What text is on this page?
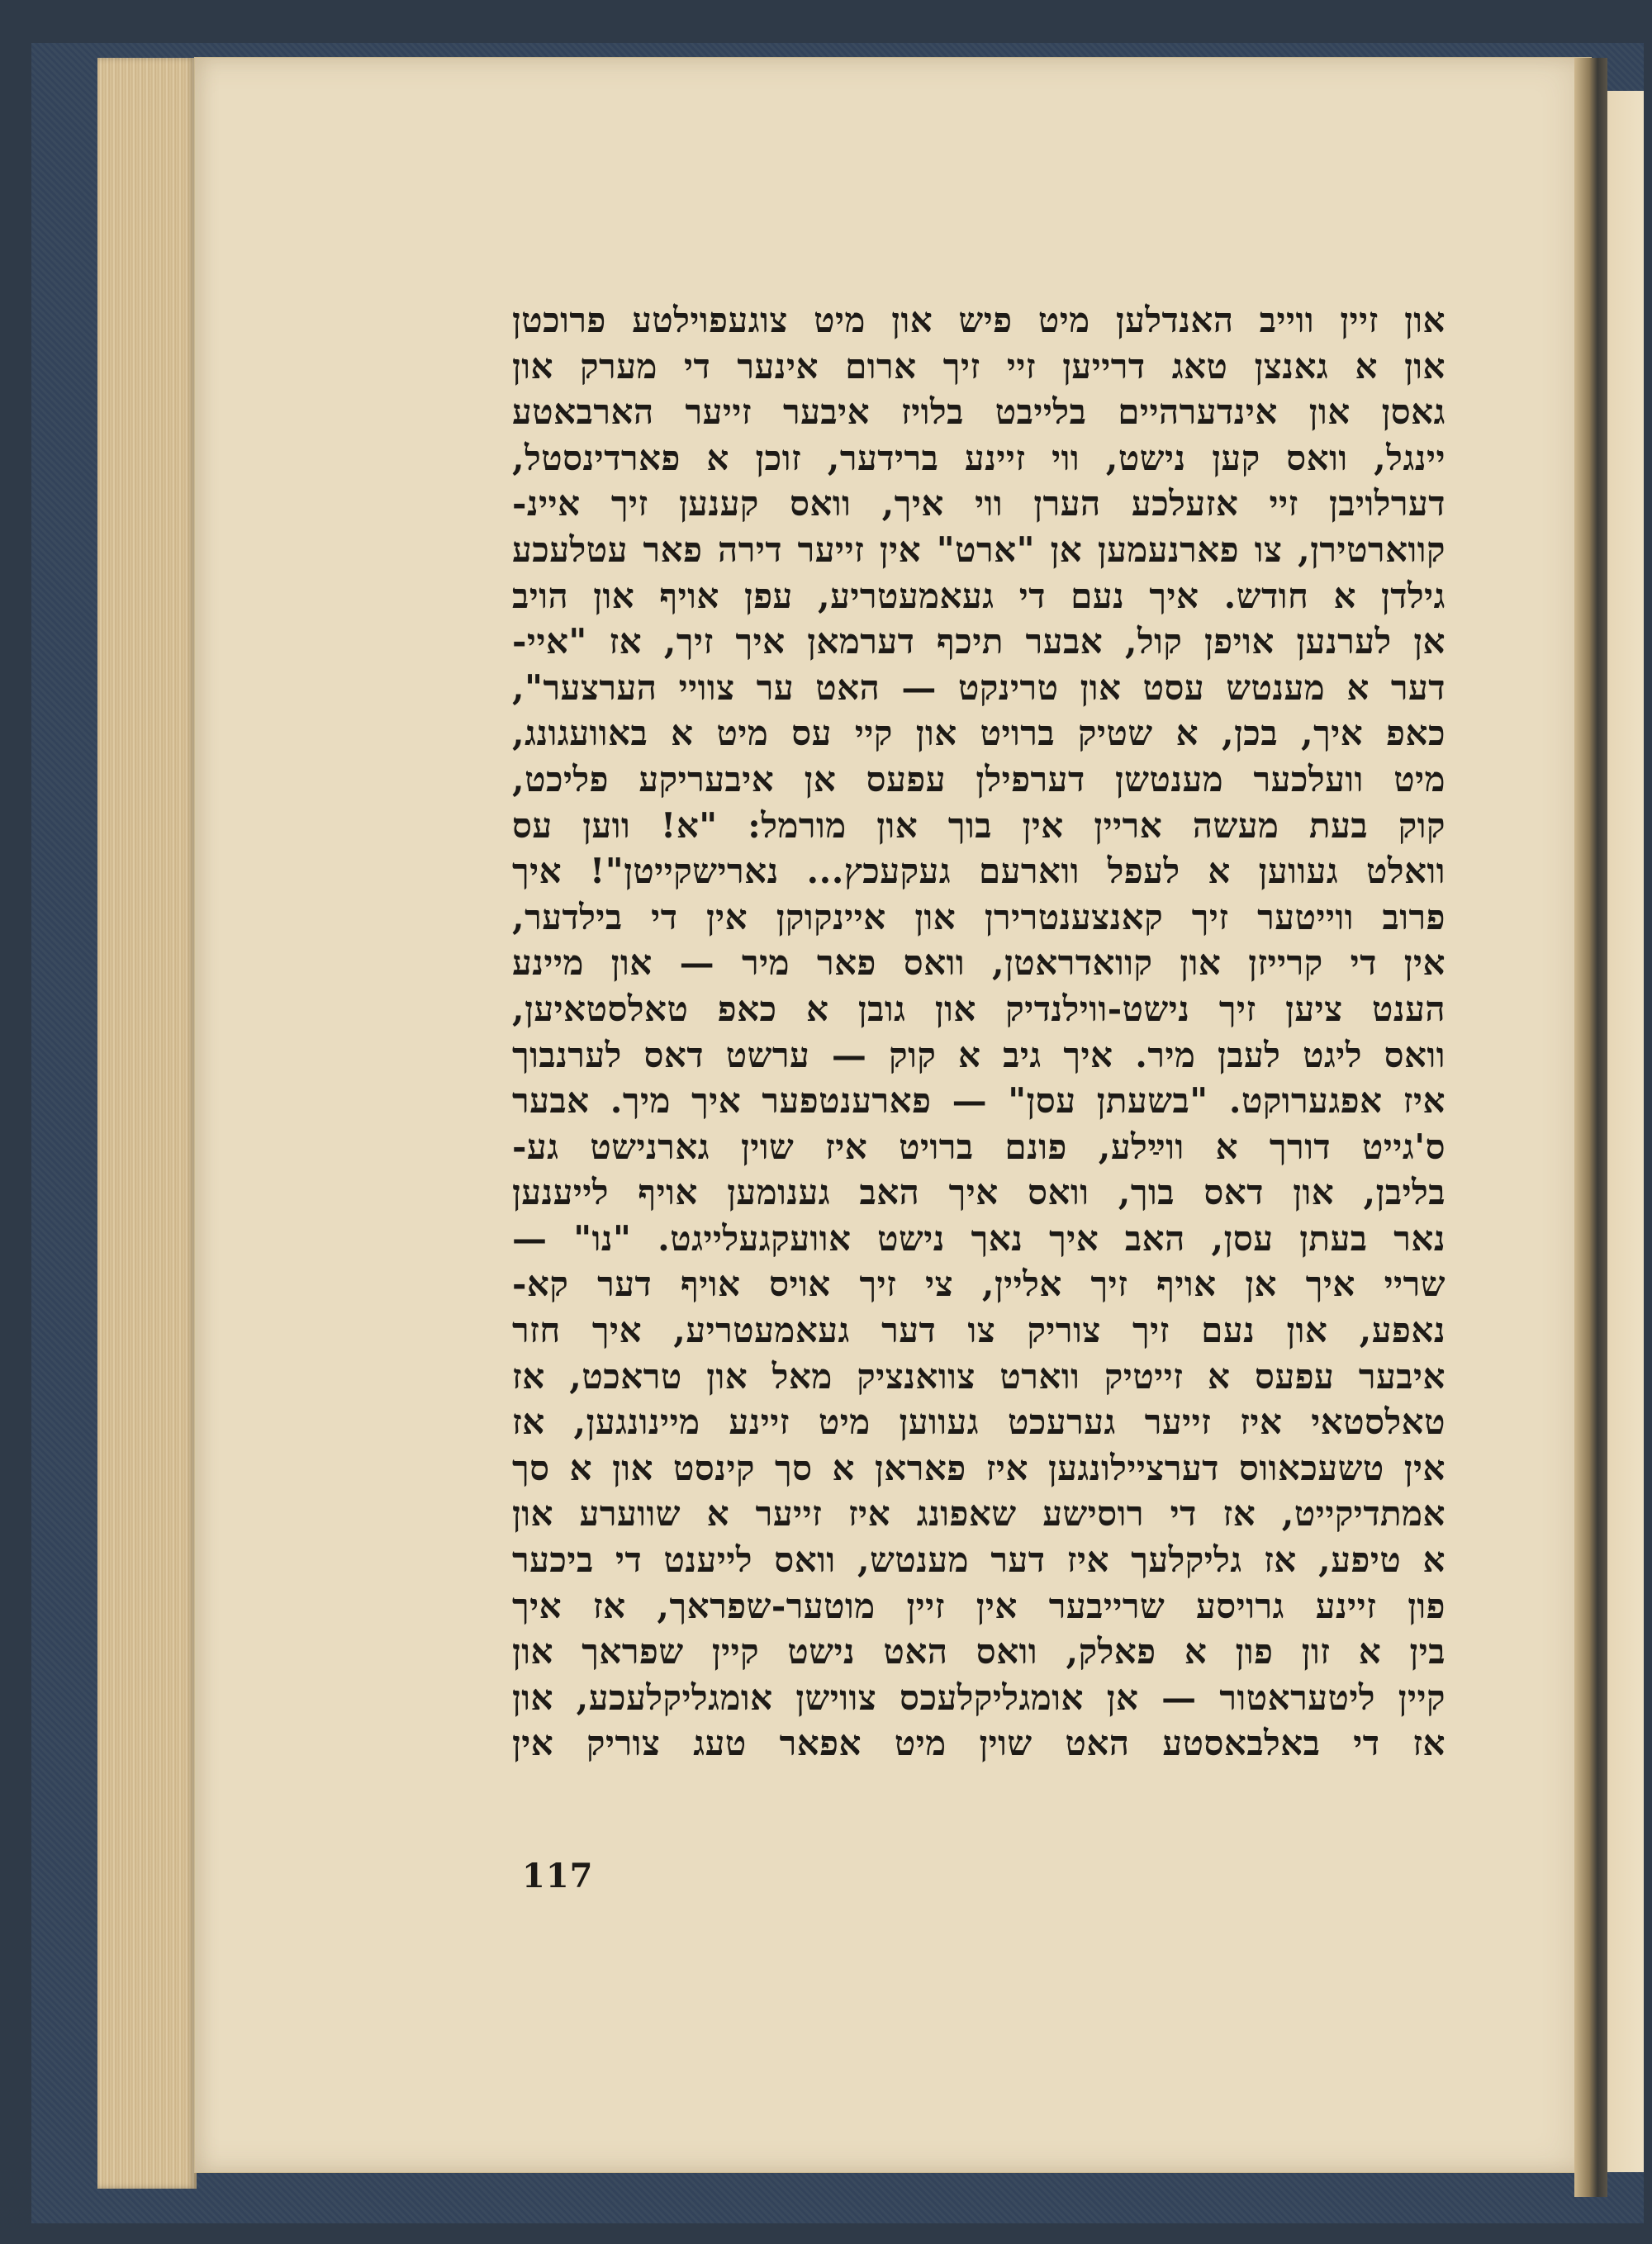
און זיין ווייב האנדלען מיט פיש און מיט צוגעפוילטע פרוכטן
און א גאנצן טאג דרייען זיי זיך ארום אינער די מערק און
גאסן און אינדערהיים בלייבט בלויז איבער זייער הארבאטע
יינגל, וואס קען נישט, ווי זיינע ברידער, זוכן א פארדינסטל,
דערלויבן זיי אזעלכע הערן ווי איך, וואס קענען זיך איינ-
קווארטירן, צו פארנעמען אן "ארט" אין זייער דירה פאר עטלעכע
גילדן א חודש. איך נעם די געאמעטריע, עפן אויף און הויב
אן לערנען אויפן קול, אבער תיכף דערמאן איך זיך, אז "איי-
דער א מענטש עסט און טרינקט — האט ער צוויי הערצער",
כאפ איך, בכן, א שטיק ברויט און קיי עס מיט א באוועגונג,
מיט וועלכער מענטשן דערפילן עפעס אן איבעריקע פליכט,
קוק בעת מעשה אריין אין בוך און מורמל: "א! ווען עס
וואלט געווען א לעפל ווארעם געקעכץ... נארישקייטן"! איך
פרוב ווייטער זיך קאנצענטרירן און איינקוקן אין די בילדער,
אין די קרייזן און קוואדראטן, וואס פאר מיר — און מיינע
הענט ציען זיך נישט-ווילנדיק און גובן א כאפ טאלסטאיען,
וואס ליגט לעבן מיר. איך גיב א קוק — ערשט דאס לערנבוך
איז אפגערוקט. "בשעתן עסן" — פארענטפער איך מיך. אבער
ס'גייט דורך א ווײַלע, פונם ברויט איז שוין גארנישט גע-
בליבן, און דאס בוך, וואס איך האב גענומען אויף לייענען
נאר בעתן עסן, האב איך נאך נישט אוועקגעלייגט. "נו" —
שריי איך אן אויף זיך אליין, צי זיך אויס אויף דער קא-
נאפע, און נעם זיך צוריק צו דער געאמעטריע, איך חזר
איבער עפעס א זייטיק ווארט צוואנציק מאל און טראכט, אז
טאלסטאי איז זייער גערעכט געווען מיט זיינע מיינונגען, אז
אין טשעכאווס דערציילונגען איז פאראן א סך קינסט און א סך
אמתדיקייט, אז די רוסישע שאפונג איז זייער א שווערע און
א טיפע, אז גליקלעך איז דער מענטש, וואס לייענט די ביכער
פון זיינע גרויסע שרייבער אין זיין מוטער-שפראך, אז איך
בין א זון פון א פאלק, וואס האט נישט קיין שפראך און
קיין ליטעראטור — אן אומגליקלעכס צווישן אומגליקלעכע, און
אז די באלבאסטע האט שוין מיט אפאר טעג צוריק אין
117
